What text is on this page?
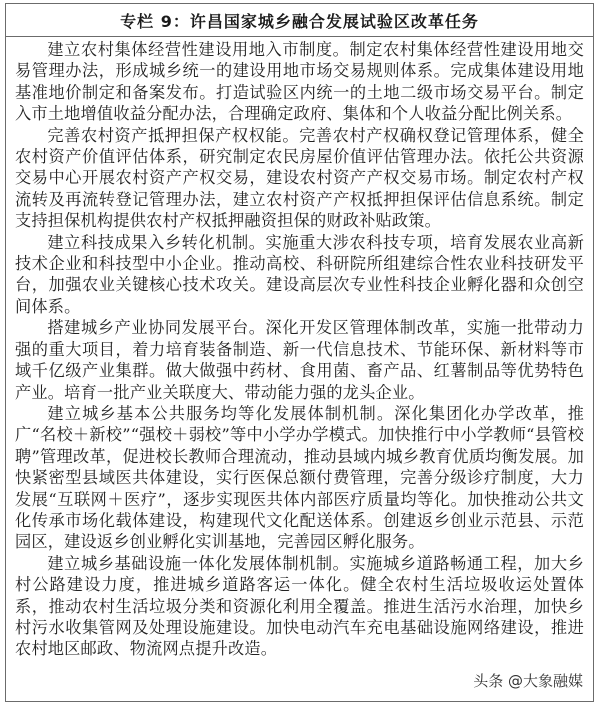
专栏 9：许昌国家城乡融合发展试验区改革任务

建立农村集体经营性建设用地入市制度。制定农村集体经营性建设用地交易管理办法，形成城乡统一的建设用地市场交易规则体系。完成集体建设用地基准地价制定和备案发布。打造试验区内统一的土地二级市场交易平台。制定入市土地增值收益分配办法，合理确定政府、集体和个人收益分配比例关系。

完善农村资产抵押担保产权权能。完善农村产权确权登记管理体系，健全农村资产价值评估体系，研究制定农民房屋价值评估管理办法。依托公共资源交易中心开展农村资产产权交易，建设农村资产产权交易市场。制定农村产权流转及再流转登记管理办法，建立农村资产产权抵押担保评估信息系统。制定支持担保机构提供农村产权抵押融资担保的财政补贴政策。

建立科技成果入乡转化机制。实施重大涉农科技专项，培育发展农业高新技术企业和科技型中小企业。推动高校、科研院所组建综合性农业科技研发平台，加强农业关键核心技术攻关。建设高层次专业性科技企业孵化器和众创空间体系。

搭建城乡产业协同发展平台。深化开发区管理体制改革，实施一批带动力强的重大项目，着力培育装备制造、新一代信息技术、节能环保、新材料等市域千亿级产业集群。做大做强中药材、食用菌、畜产品、红薯制品等优势特色产业。培育一批产业关联度大、带动能力强的龙头企业。

建立城乡基本公共服务均等化发展体制机制。深化集团化办学改革，推广“名校＋新校”“强校＋弱校”等中小学办学模式。加快推行中小学教师“县管校聘”管理改革，促进校长教师合理流动，推动县域内城乡教育优质均衡发展。加快紧密型县域医共体建设，实行医保总额付费管理，完善分级诊疗制度，大力发展“互联网＋医疗”，逐步实现医共体内部医疗质量均等化。加快推动公共文化传承市场化载体建设，构建现代文化配送体系。创建返乡创业示范县、示范园区，建设返乡创业孵化实训基地，完善园区孵化服务。

建立城乡基础设施一体化发展体制机制。实施城乡道路畅通工程，加大乡村公路建设力度，推进城乡道路客运一体化。健全农村生活垃圾收运处置体系，推动农村生活垃圾分类和资源化利用全覆盖。推进生活污水治理，加快乡村污水收集管网及处理设施建设。加快电动汽车充电基础设施网络建设，推进农村地区邮政、物流网点提升改造。

头条 @大象融媒
